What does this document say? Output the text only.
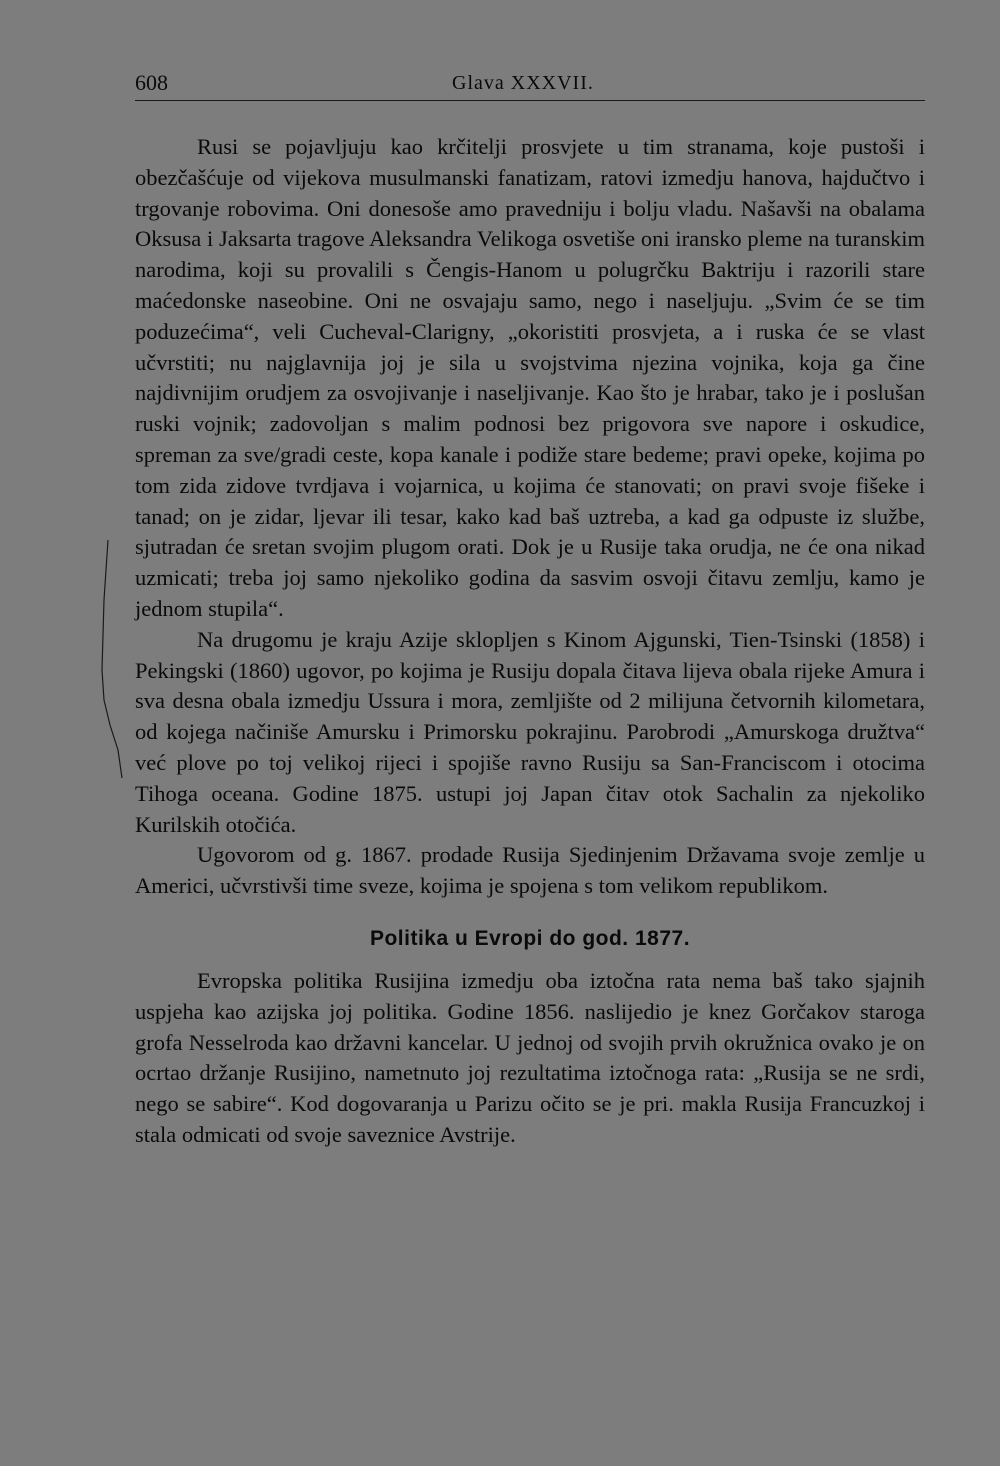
608	Glava XXXVII.

Rusi se pojavljuju kao krčitelji prosvjete u tim stranama, koje pustoši i obezčašćuje od vijekova musulmanski fanatizam, ratovi izmedju hanova, hajdučtvo i trgovanje robovima. Oni donesoše amo pravedniju i bolju vladu. Našavši na obalama Oksusa i Jaksarta tragove Aleksandra Velikoga osvetiše oni iransko pleme na turanskim narodima, koji su provalili s Čengis-Hanom u polugrčku Baktriju i razorili stare maćedonske naseobine. Oni ne osvajaju samo, nego i naseljuju. „Svim će se tim poduzećima“, veli Cucheval-Clarigny, „okoristiti prosvjeta, a i ruska će se vlast učvrstiti; nu najglavnija joj je sila u svojstvima njezina vojnika, koja ga čine najdivnijim orudjem za osvojivanje i naseljivanje. Kao što je hrabar, tako je i poslušan ruski vojnik; zadovoljan s malim podnosi bez prigovora sve napore i oskudice, spreman za sve/gradi ceste, kopa kanale i podiže stare bedeme; pravi opeke, kojima po tom zida zidove tvrdjava i vojarnica, u kojima će stanovati; on pravi svoje fišeke i tanad; on je zidar, ljevar ili tesar, kako kad baš uztreba, a kad ga odpuste iz službe, sjutradan će sretan svojim plugom orati. Dok je u Rusije taka orudja, ne će ona nikad uzmicati; treba joj samo njekoliko godina da sasvim osvoji čitavu zemlju, kamo je jednom stupila“.

Na drugomu je kraju Azije sklopljen s Kinom Ajgunski, Tien-Tsinski (1858) i Pekingski (1860) ugovor, po kojima je Rusiju dopala čitava lijeva obala rijeke Amura i sva desna obala izmedju Ussura i mora, zemljište od 2 milijuna četvornih kilometara, od kojega načiniše Amursku i Primorsku pokrajinu. Parobrodi „Amurskoga družtva“ već plove po toj velikoj rijeci i spojiše ravno Rusiju sa San-Franciscom i otocima Tihoga oceana. Godine 1875. ustupi joj Japan čitav otok Sachalin za njekoliko Kurilskih otočića.

Ugovorom od g. 1867. prodade Rusija Sjedinjenim Državama svoje zemlje u Americi, učvrstivši time sveze, kojima je spojena s tom velikom republikom.

Politika u Evropi do god. 1877.

Evropska politika Rusijina izmedju oba iztočna rata nema baš tako sjajnih uspjeha kao azijska joj politika. Godine 1856. naslijedio je knez Gorčakov staroga grofa Nesselroda kao državni kancelar. U jednoj od svojih prvih okružnica ovako je on ocrtao držanje Rusijino, nametnuto joj rezultatima iztočnoga rata: „Rusija se ne srdi, nego se sabire“. Kod dogovaranja u Parizu očito se je pri. makla Rusija Francuzkoj i stala odmicati od svoje saveznice Avstrije.
